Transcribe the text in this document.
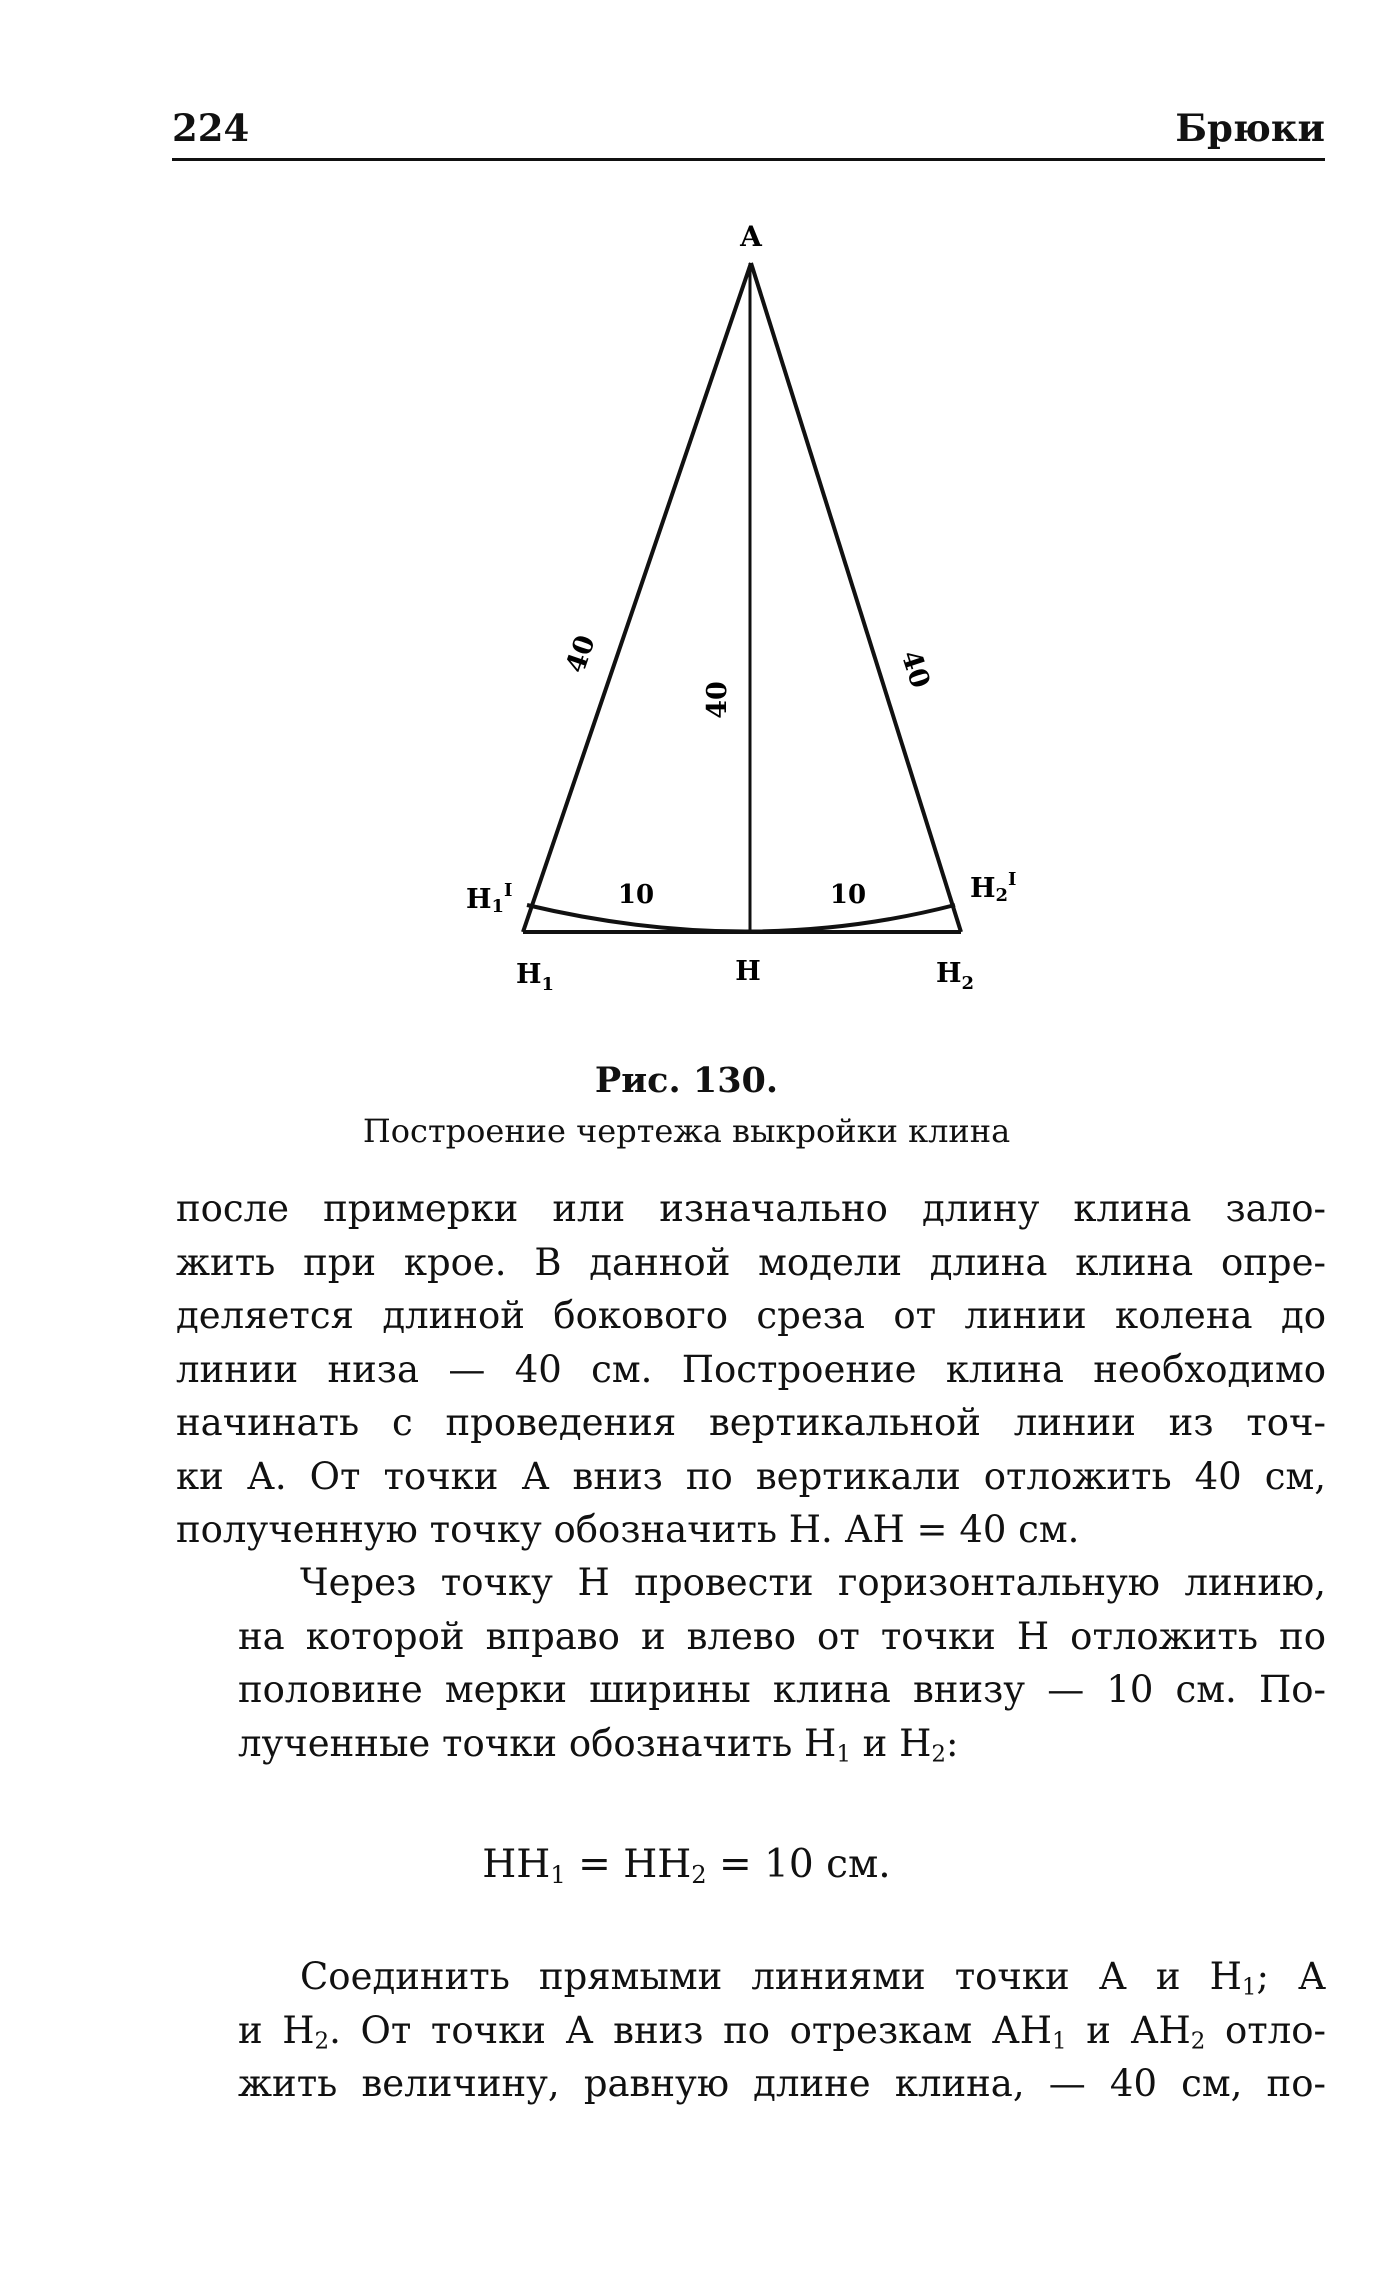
224	Брюки
А
Н
$Н_1$	$Н_2$
$Н1^I$	$Н2^I$
40
40
40
10	10
Рис. 130.
Построение чертежа выкройки клина
после примерки или изначально длину клина зало-
жить при крое. В данной модели длина клина опре-
деляется длиной бокового среза от линии колена до
линии низа — 40 см. Построение клина необходимо
начинать с проведения вертикальной линии из точ-
ки А. От точки А вниз по вертикали отложить 40 см,
полученную точку обозначить Н. АН = 40 см.
Через точку Н провести горизонтальную линию,
на которой вправо и влево от точки Н отложить по
половине мерки ширины клина внизу — 10 см. По-
лученные точки обозначить $Н_1$ и $Н_2$:
$НН_1 = НН_2 = 10$ см.
Соединить прямыми линиями точки А и $Н_1$; А
и $Н_2$. От точки А вниз по отрезкам $АН_1$ и $АН_2$ отло-
жить величину, равную длине клина, — 40 см, по-
